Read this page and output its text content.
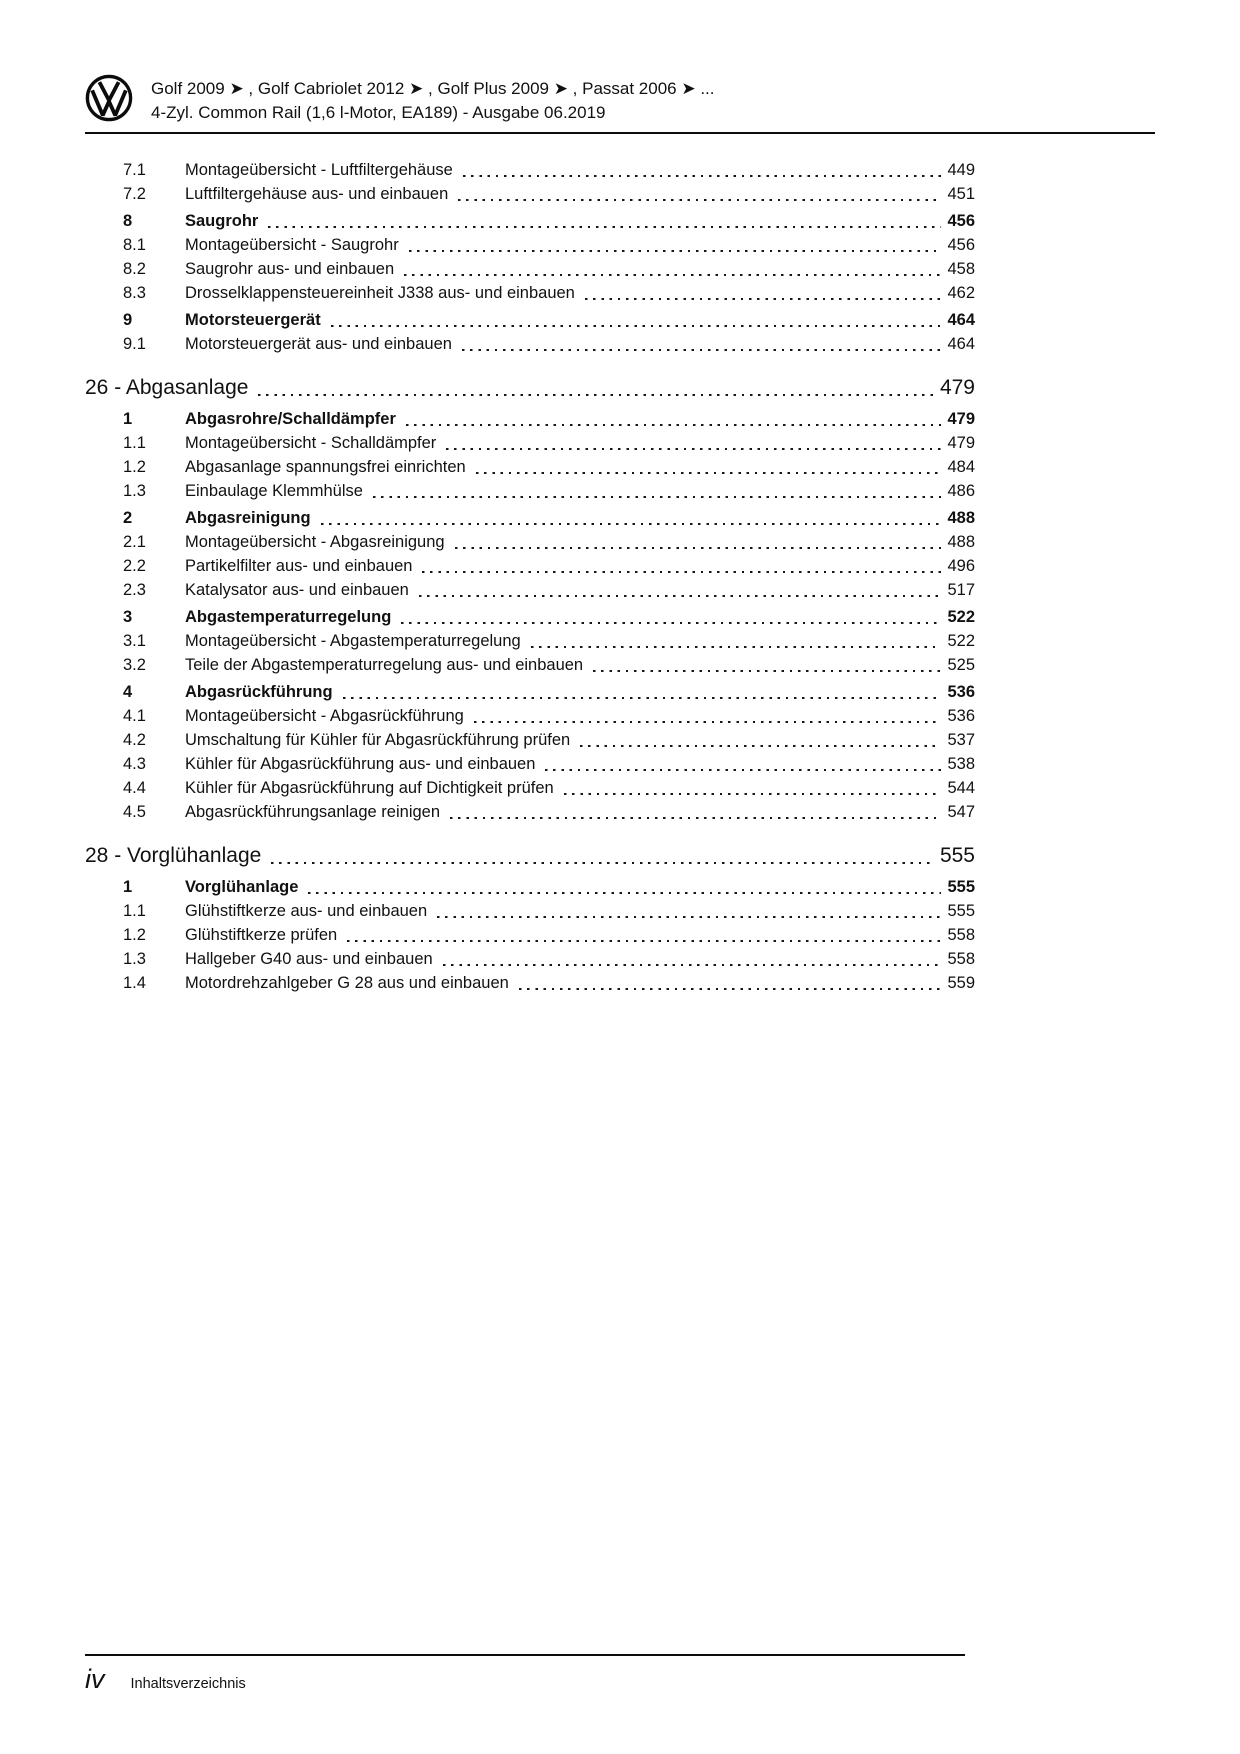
Golf 2009 ➤ , Golf Cabriolet 2012 ➤ , Golf Plus 2009 ➤ , Passat 2006 ➤ ...
4-Zyl. Common Rail (1,6 l-Motor, EA189) - Ausgabe 06.2019
7.1	Montageübersicht - Luftfiltergehäuse	449
7.2	Luftfiltergehäuse aus- und einbauen	451
8	Saugrohr	456
8.1	Montageübersicht - Saugrohr	456
8.2	Saugrohr aus- und einbauen	458
8.3	Drosselklappensteuereinheit J338 aus- und einbauen	462
9	Motorsteuergerät	464
9.1	Motorsteuergerät aus- und einbauen	464
26 - Abgasanlage	479
1	Abgasrohre/Schalldämpfer	479
1.1	Montageübersicht - Schalldämpfer	479
1.2	Abgasanlage spannungsfrei einrichten	484
1.3	Einbaulage Klemmhülse	486
2	Abgasreinigung	488
2.1	Montageübersicht - Abgasreinigung	488
2.2	Partikelfilter aus- und einbauen	496
2.3	Katalysator aus- und einbauen	517
3	Abgastemperaturregelung	522
3.1	Montageübersicht - Abgastemperaturregelung	522
3.2	Teile der Abgastemperaturregelung aus- und einbauen	525
4	Abgasrückführung	536
4.1	Montageübersicht - Abgasrückführung	536
4.2	Umschaltung für Kühler für Abgasrückführung prüfen	537
4.3	Kühler für Abgasrückführung aus- und einbauen	538
4.4	Kühler für Abgasrückführung auf Dichtigkeit prüfen	544
4.5	Abgasrückführungsanlage reinigen	547
28 - Vorglühanlage	555
1	Vorglühanlage	555
1.1	Glühstiftkerze aus- und einbauen	555
1.2	Glühstiftkerze prüfen	558
1.3	Hallgeber G40 aus- und einbauen	558
1.4	Motordrehzahlgeber G 28 aus und einbauen	559
iv Inhaltsverzeichnis
